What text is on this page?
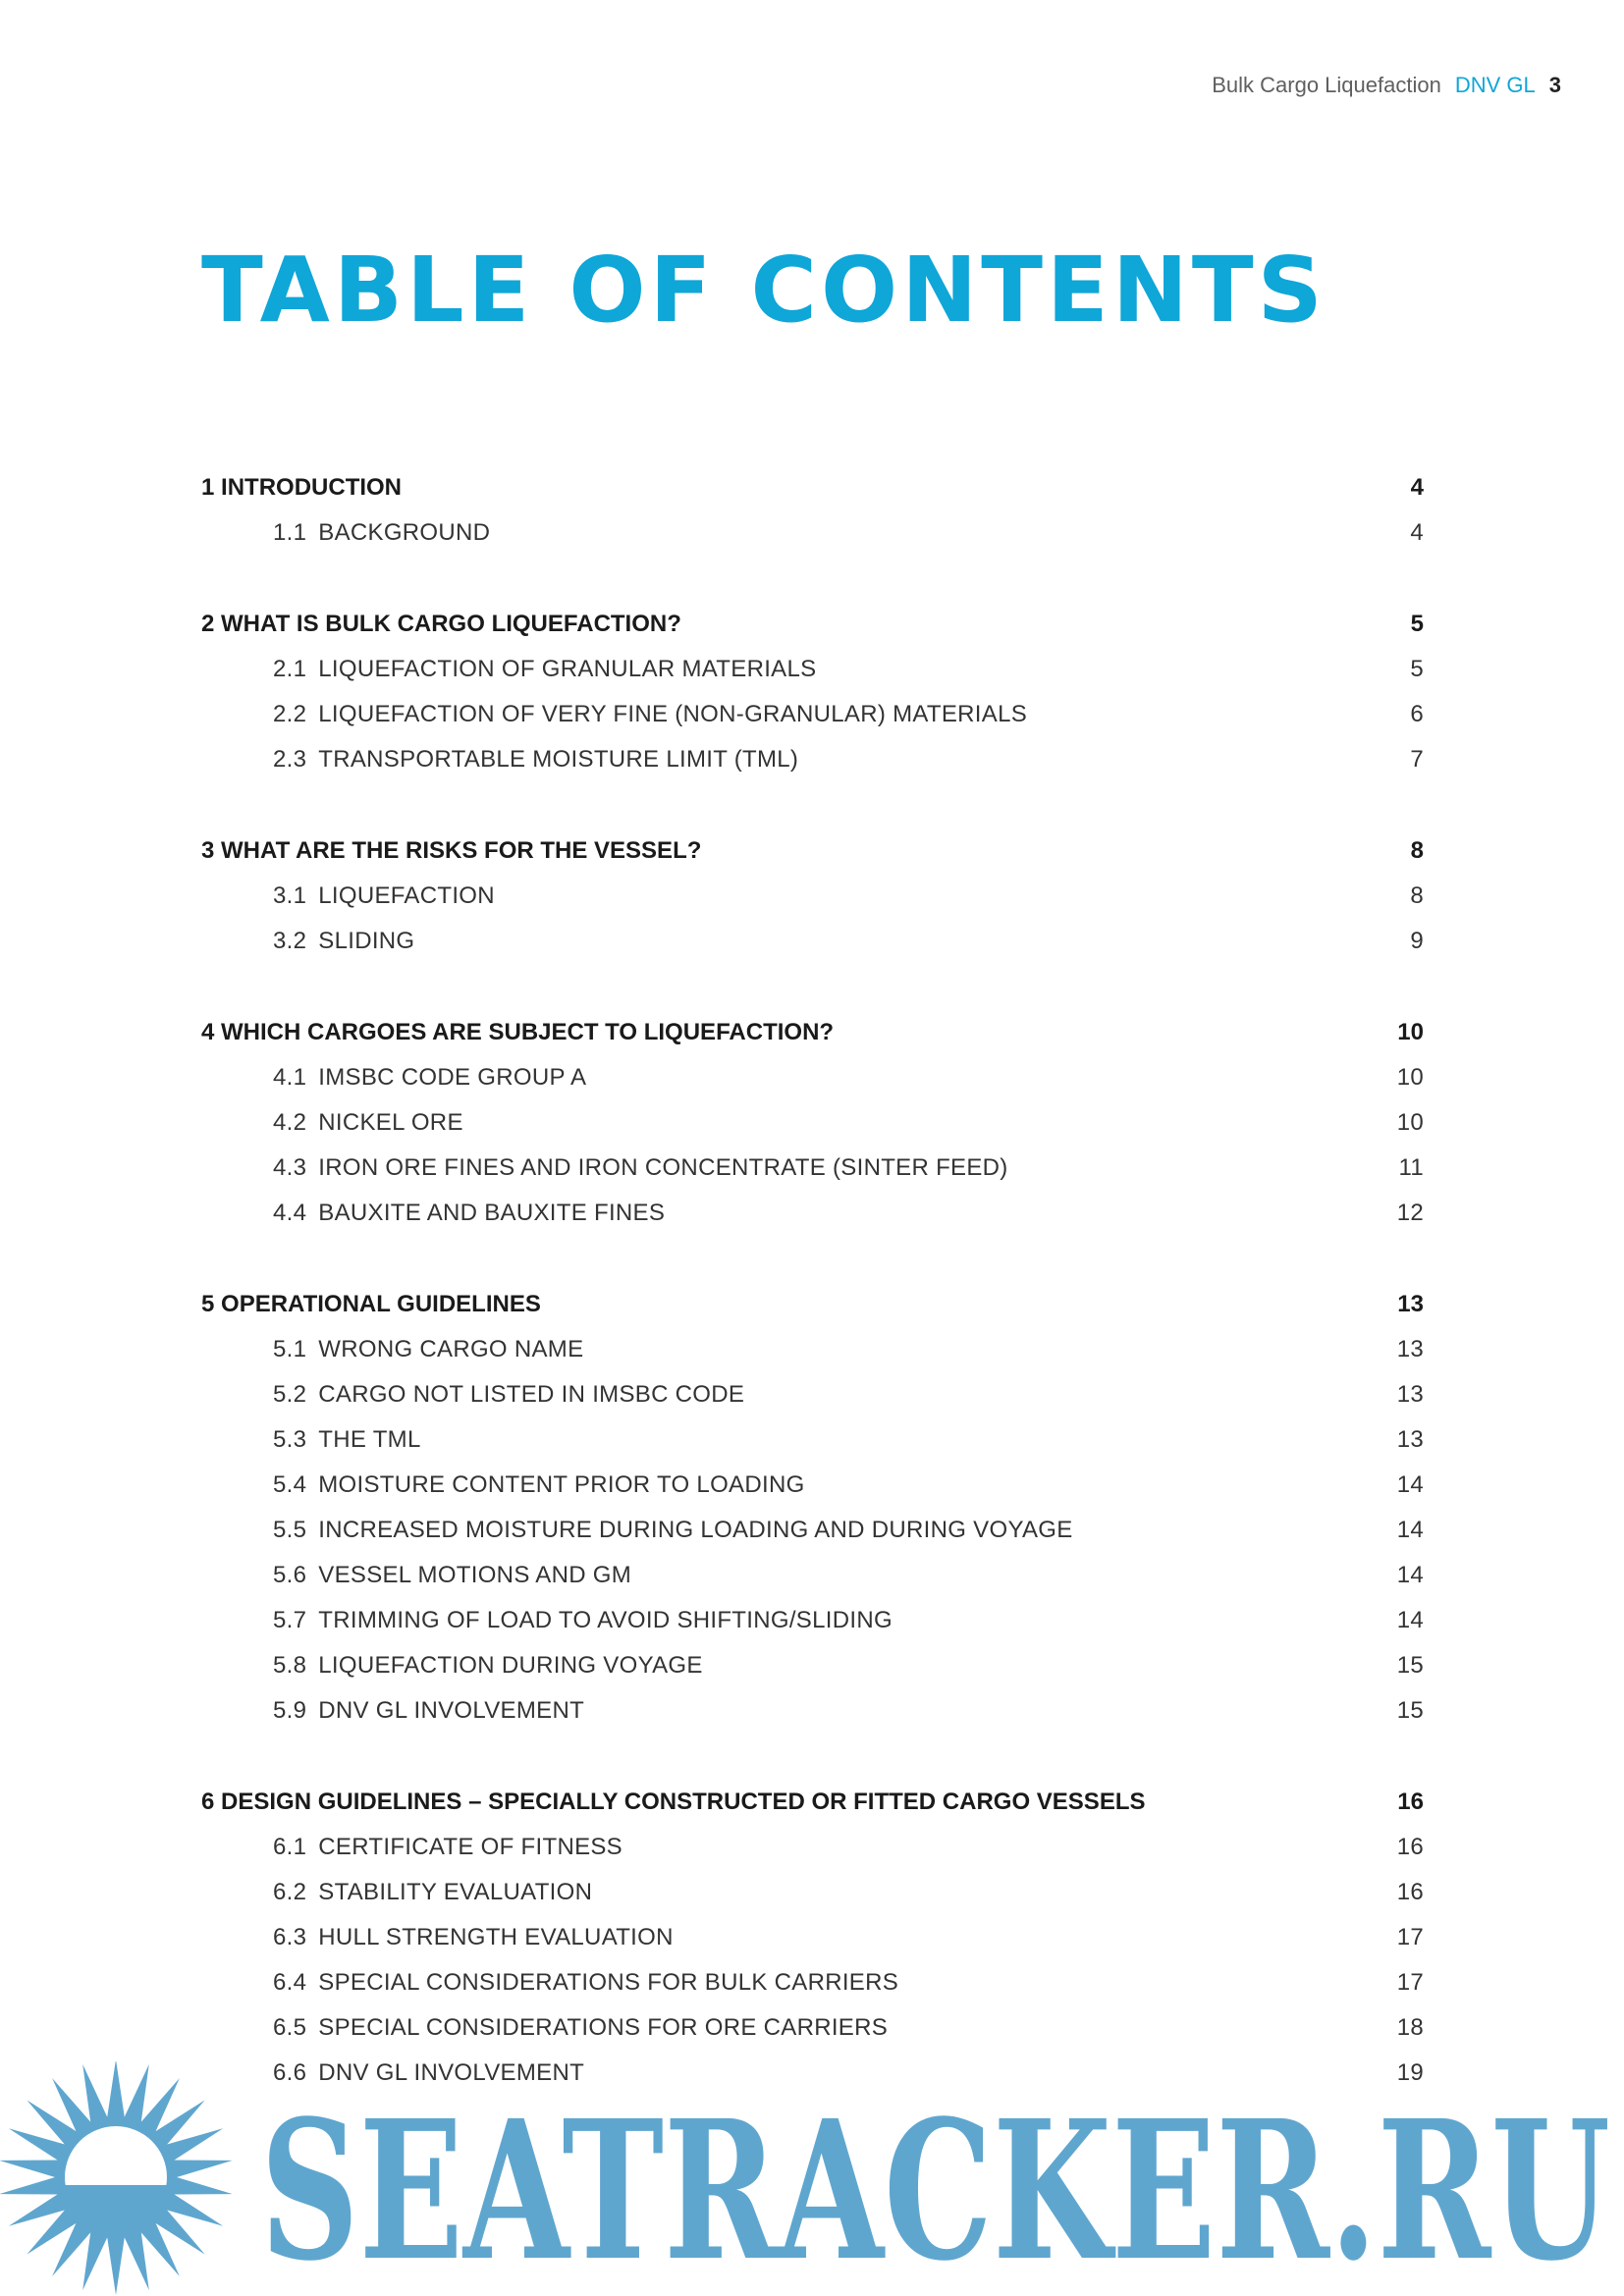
Bulk Cargo Liquefaction DNV GL 3
TABLE OF CONTENTS
1 INTRODUCTION	4
1.1 BACKGROUND	4
2 WHAT IS BULK CARGO LIQUEFACTION?	5
2.1 LIQUEFACTION OF GRANULAR MATERIALS	5
2.2 LIQUEFACTION OF VERY FINE (NON-GRANULAR) MATERIALS	6
2.3 TRANSPORTABLE MOISTURE LIMIT (TML)	7
3 WHAT ARE THE RISKS FOR THE VESSEL?	8
3.1 LIQUEFACTION	8
3.2 SLIDING	9
4 WHICH CARGOES ARE SUBJECT TO LIQUEFACTION?	10
4.1 IMSBC CODE GROUP A	10
4.2 NICKEL ORE	10
4.3 IRON ORE FINES AND IRON CONCENTRATE (SINTER FEED)	11
4.4 BAUXITE AND BAUXITE FINES	12
5 OPERATIONAL GUIDELINES	13
5.1 WRONG CARGO NAME	13
5.2 CARGO NOT LISTED IN IMSBC CODE	13
5.3 THE TML	13
5.4 MOISTURE CONTENT PRIOR TO LOADING	14
5.5 INCREASED MOISTURE DURING LOADING AND DURING VOYAGE	14
5.6 VESSEL MOTIONS AND GM	14
5.7 TRIMMING OF LOAD TO AVOID SHIFTING/SLIDING	14
5.8 LIQUEFACTION DURING VOYAGE	15
5.9 DNV GL INVOLVEMENT	15
6 DESIGN GUIDELINES – SPECIALLY CONSTRUCTED OR FITTED CARGO VESSELS	16
6.1 CERTIFICATE OF FITNESS	16
6.2 STABILITY EVALUATION	16
6.3 HULL STRENGTH EVALUATION	17
6.4 SPECIAL CONSIDERATIONS FOR BULK CARRIERS	17
6.5 SPECIAL CONSIDERATIONS FOR ORE CARRIERS	18
6.6 DNV GL INVOLVEMENT	19
SEATRACKER.RU
